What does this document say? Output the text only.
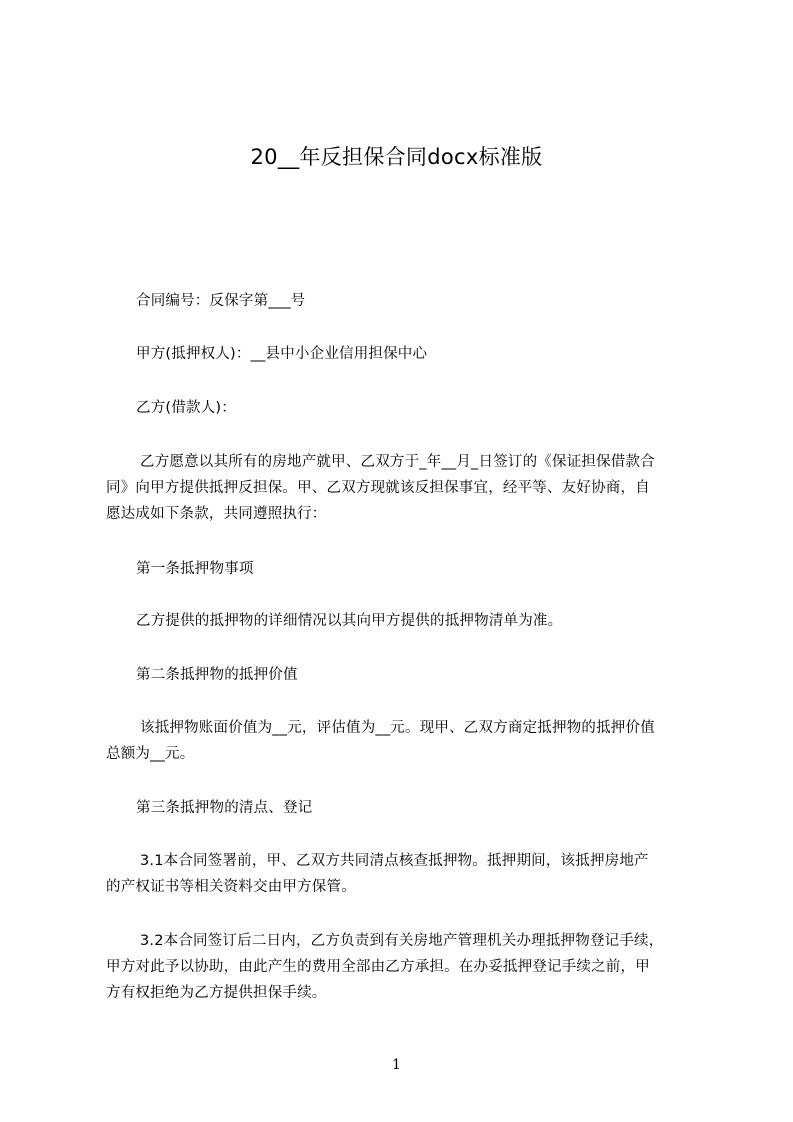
20__年反担保合同docx标准版
合同编号：反保字第___号
甲方(抵押权人)：__县中小企业信用担保中心
乙方(借款人)：
乙方愿意以其所有的房地产就甲、乙双方于_年__月_日签订的《保证担保借款合
同》向甲方提供抵押反担保。甲、乙双方现就该反担保事宜，经平等、友好协商，自
愿达成如下条款，共同遵照执行：
第一条抵押物事项
乙方提供的抵押物的详细情况以其向甲方提供的抵押物清单为准。
第二条抵押物的抵押价值
该抵押物账面价值为__元，评估值为__元。现甲、乙双方商定抵押物的抵押价值
总额为__元。
第三条抵押物的清点、登记
3.1本合同签署前，甲、乙双方共同清点核查抵押物。抵押期间，该抵押房地产
的产权证书等相关资料交由甲方保管。
3.2本合同签订后二日内，乙方负责到有关房地产管理机关办理抵押物登记手续，
甲方对此予以协助，由此产生的费用全部由乙方承担。在办妥抵押登记手续之前，甲
方有权拒绝为乙方提供担保手续。
1
